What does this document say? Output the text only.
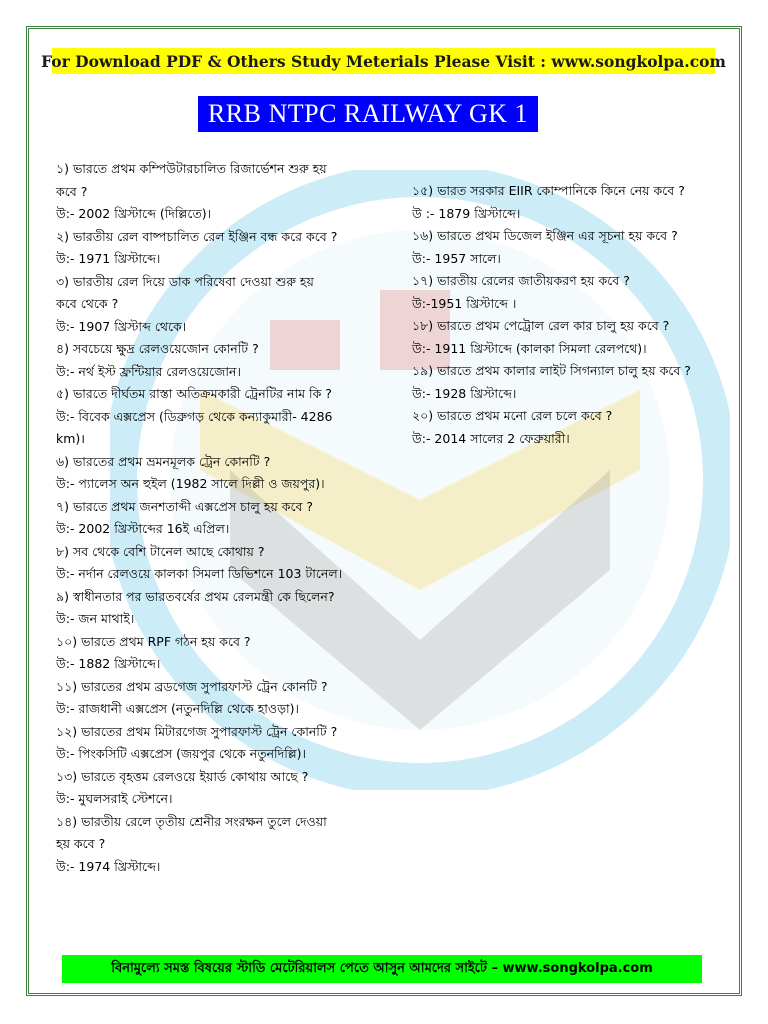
For Download PDF & Others Study Meterials Please Visit : www.songkolpa.com
RRB NTPC RAILWAY GK 1
১) ভারতে প্রথম কম্পিউটারচালিত রিজার্ভেশন শুরু হয়
কবে ?
উ:- 2002 খ্রিস্টাব্দে (দিল্লিতে)।
২) ভারতীয় রেল বাষ্পচালিত রেল ইঞ্জিন বন্ধ করে কবে ?
উ:- 1971 খ্রিস্টাব্দে।
৩) ভারতীয় রেল দিয়ে ডাক পরিষেবা দেওয়া শুরু হয়
কবে থেকে ?
উ:- 1907 খ্রিস্টাব্দ থেকে।
৪) সবচেয়ে ক্ষুদ্র রেলওয়েজোন কোনটি ?
উ:- নর্থ ইস্ট ফ্রন্টিয়ার রেলওয়েজোন।
৫) ভারতে দীর্ঘতম রাস্তা অতিক্রমকারী ট্রেনটির নাম কি ?
উ:- বিবেক এক্সপ্রেস (ডিব্রুগড় থেকে কন্যাকুমারী- 4286
km)।
৬) ভারতের প্রথম ভ্রমনমূলক ট্রেন কোনটি ?
উ:- প্যালেস অন হুইল (1982 সালে দিল্লী ও জয়পুর)।
৭) ভারতে প্রথম জনশতাব্দী এক্সপ্রেস চালু হয় কবে ?
উ:- 2002 খ্রিস্টাব্দের 16ই এপ্রিল।
৮) সব থেকে বেশি টানেল আছে কোথায় ?
উ:- নর্দান রেলওয়ে কালকা সিমলা ডিভিশনে 103 টানেল।
৯) স্বাধীনতার পর ভারতবর্ষের প্রথম রেলমন্ত্রী কে ছিলেন?
উ:- জন মাথাই।
১০) ভারতে প্রথম RPF গঠন হয় কবে ?
উ:- 1882 খ্রিস্টাব্দে।
১১) ভারতের প্রথম ব্রডগেজ সুপারফাস্ট ট্রেন কোনটি ?
উ:- রাজধানী এক্সপ্রেস (নতুনদিল্লি থেকে হাওড়া)।
১২) ভারতের প্রথম মিটারগেজ সুপারফাস্ট ট্রেন কোনটি ?
উ:- পিংকসিটি এক্সপ্রেস (জয়পুর থেকে নতুনদিল্লি)।
১৩) ভারতে বৃহত্তম রেলওয়ে ইয়ার্ড কোথায় আছে ?
উ:- মুঘলসরাই স্টেশনে।
১৪) ভারতীয় রেলে তৃতীয় শ্রেনীর সংরক্ষন তুলে দেওয়া
হয় কবে ?
উ:- 1974 খ্রিস্টাব্দে।
১৫) ভারত সরকার EIIR কোম্পানিকে কিনে নেয় কবে ?
উ :- 1879 খ্রিস্টাব্দে।
১৬) ভারতে প্রথম ডিজেল ইঞ্জিন এর সূচনা হয় কবে ?
উ:- 1957 সালে।
১৭) ভারতীয় রেলের জাতীয়করণ হয় কবে ?
উ:-1951 খ্রিস্টাব্দে ।
১৮) ভারতে প্রথম পেট্রোল রেল কার চালু হয় কবে ?
উ:- 1911 খ্রিস্টাব্দে (কালকা সিমলা রেলপথে)।
১৯) ভারতে প্রথম কালার লাইট সিগন্যাল চালু হয় কবে ?
উ:- 1928 খ্রিস্টাব্দে।
২০) ভারতে প্রথম মনো রেল চলে কবে ?
উ:- 2014 সালের 2 ফেব্রুয়ারী।
বিনামুল্যে সমস্ত বিষয়ের স্টাডি মেটেরিয়ালস পেতে আসুন আমদের সাইটে – www.songkolpa.com
